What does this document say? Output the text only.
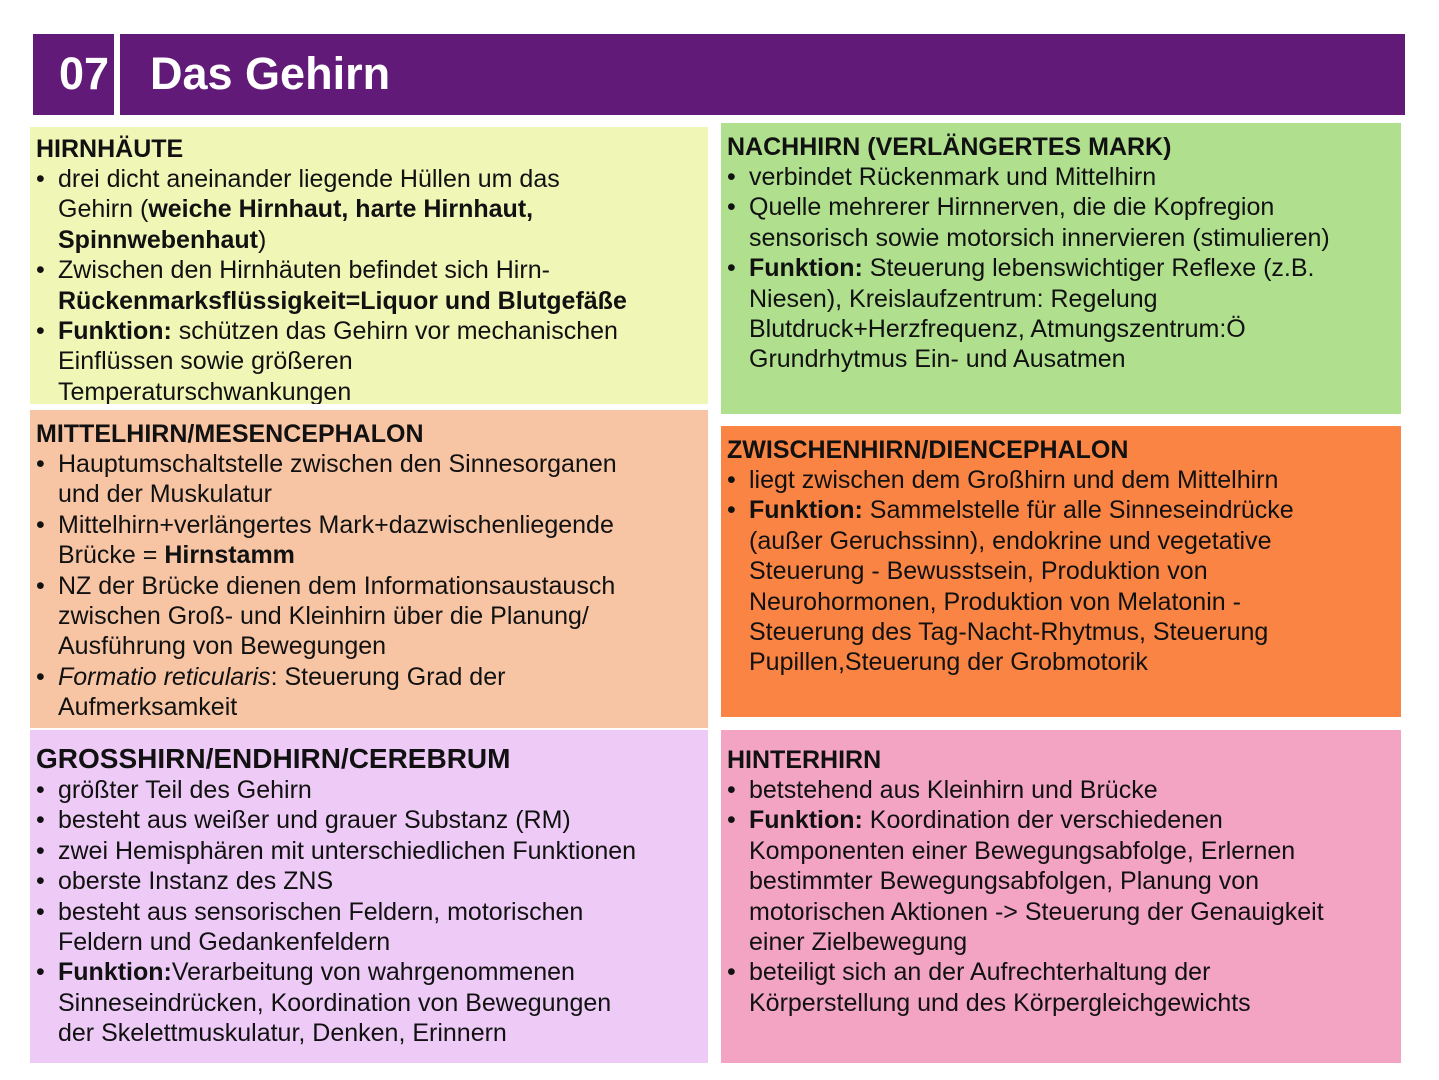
07 Das Gehirn
HIRNHÄUTE
• drei dicht aneinander liegende Hüllen um das
Gehirn (weiche Hirnhaut, harte Hirnhaut,
Spinnwebenhaut)
• Zwischen den Hirnhäuten befindet sich Hirn-
Rückenmarksflüssigkeit=Liquor und Blutgefäße
• Funktion: schützen das Gehirn vor mechanischen
Einflüssen sowie größeren
Temperaturschwankungen
NACHHIRN (VERLÄNGERTES MARK)
• verbindet Rückenmark und Mittelhirn
• Quelle mehrerer Hirnnerven, die die Kopfregion
sensorisch sowie motorsich innervieren (stimulieren)
• Funktion: Steuerung lebenswichtiger Reflexe (z.B.
Niesen), Kreislaufzentrum: Regelung
Blutdruck+Herzfrequenz, Atmungszentrum:Ö
Grundrhytmus Ein- und Ausatmen
MITTELHIRN/MESENCEPHALON
• Hauptumschaltstelle zwischen den Sinnesorganen
und der Muskulatur
• Mittelhirn+verlängertes Mark+dazwischenliegende
Brücke = Hirnstamm
• NZ der Brücke dienen dem Informationsaustausch
zwischen Groß- und Kleinhirn über die Planung/
Ausführung von Bewegungen
• Formatio reticularis: Steuerung Grad der
Aufmerksamkeit
ZWISCHENHIRN/DIENCEPHALON
• liegt zwischen dem Großhirn und dem Mittelhirn
• Funktion: Sammelstelle für alle Sinneseindrücke
(außer Geruchssinn), endokrine und vegetative
Steuerung - Bewusstsein, Produktion von
Neurohormonen, Produktion von Melatonin -
Steuerung des Tag-Nacht-Rhytmus, Steuerung
Pupillen,Steuerung der Grobmotorik
GROSSHIRN/ENDHIRN/CEREBRUM
• größter Teil des Gehirn
• besteht aus weißer und grauer Substanz (RM)
• zwei Hemisphären mit unterschiedlichen Funktionen
• oberste Instanz des ZNS
• besteht aus sensorischen Feldern, motorischen
Feldern und Gedankenfeldern
• Funktion:Verarbeitung von wahrgenommenen
Sinneseindrücken, Koordination von Bewegungen
der Skelettmuskulatur, Denken, Erinnern
HINTERHIRN
• betstehend aus Kleinhirn und Brücke
• Funktion: Koordination der verschiedenen
Komponenten einer Bewegungsabfolge, Erlernen
bestimmter Bewegungsabfolgen, Planung von
motorischen Aktionen -> Steuerung der Genauigkeit
einer Zielbewegung
• beteiligt sich an der Aufrechterhaltung der
Körperstellung und des Körpergleichgewichts
